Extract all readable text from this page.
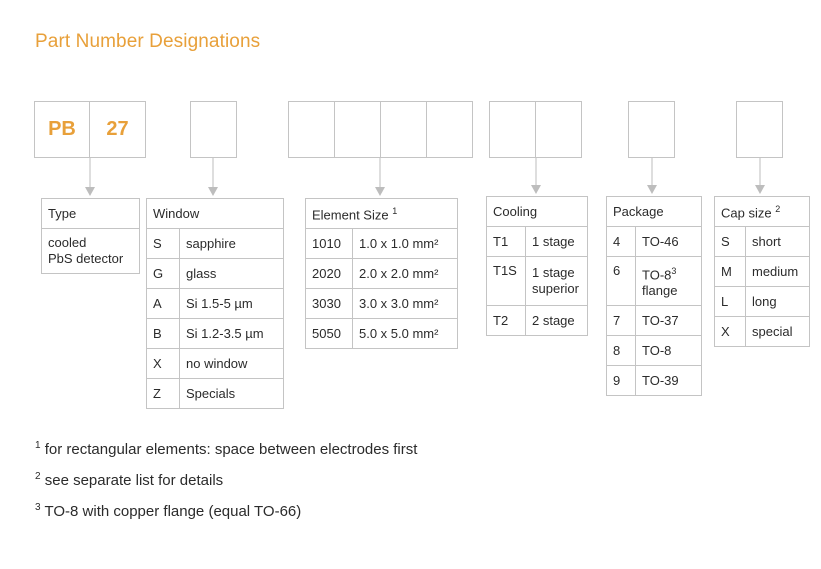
Part Number Designations
PB 27
Type

cooled
PbS detector
Window	
S	sapphire
G	glass
A	Si 1.5-5 µm
B	Si 1.2-3.5 µm
X	no window
Z	Specials
Element Size $^1$
1010	1.0 x 1.0 mm²
2020	2.0 x 2.0 mm²
3030	3.0 x 3.0 mm²
5050	5.0 x 5.0 mm²
Cooling	
T1	1 stage
T1S	1 stage
superior

T2	2 stage
Package	
4	TO-46
6	$TO-8^3$
flange

7	TO-37
8	TO-8
9	TO-39
Cap size $^2$
S	short
M	medium
L	long
X	special
$^1$ for rectangular elements: space between electrodes first
$^2$ see separate list for details
$^3$ TO-8 with copper flange (equal TO-66)
